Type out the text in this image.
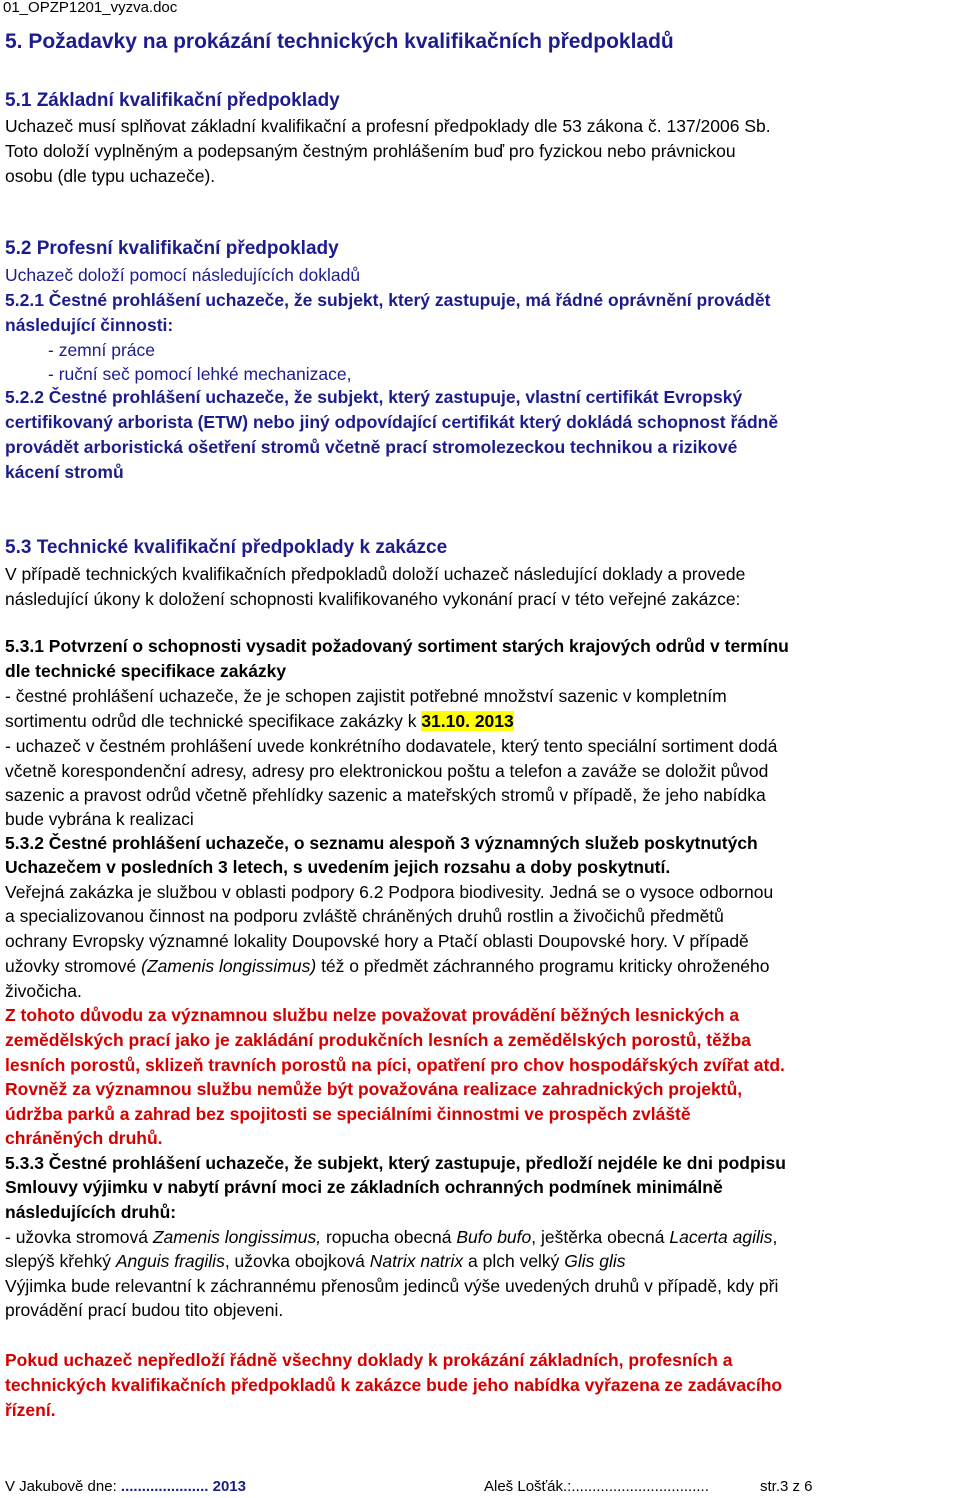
01_OPZP1201_vyzva.doc
5. Požadavky na prokázání technických kvalifikačních předpokladů
5.1 Základní kvalifikační předpoklady
Uchazeč musí splňovat základní kvalifikační a profesní předpoklady dle 53 zákona č. 137/2006 Sb.
Toto doloží vyplněným a podepsaným čestným prohlášením buď pro fyzickou nebo právnickou
osobu (dle typu uchazeče).
5.2 Profesní kvalifikační předpoklady
Uchazeč doloží pomocí následujících dokladů
5.2.1 Čestné prohlášení uchazeče, že subjekt, který zastupuje, má řádné oprávnění provádět
následující činnosti:
- zemní práce
- ruční seč pomocí lehké mechanizace,
5.2.2 Čestné prohlášení uchazeče, že subjekt, který zastupuje, vlastní certifikát Evropský
certifikovaný arborista (ETW) nebo jiný odpovídající certifikát který dokládá schopnost řádně
provádět arboristická ošetření stromů včetně prací stromolezeckou technikou a rizikové
kácení stromů
5.3 Technické kvalifikační předpoklady k zakázce
V případě technických kvalifikačních předpokladů doloží uchazeč následující doklady a provede
následující úkony k doložení schopnosti kvalifikovaného vykonání prací v této veřejné zakázce:
5.3.1 Potvrzení o schopnosti vysadit požadovaný sortiment starých krajových odrůd v termínu
dle technické specifikace zakázky
- čestné prohlášení uchazeče, že je schopen zajistit potřebné množství sazenic v kompletním
sortimentu odrůd dle technické specifikace zakázky k 31.10. 2013
- uchazeč v čestném prohlášení uvede konkrétního dodavatele, který tento speciální sortiment dodá
včetně korespondenční adresy, adresy pro elektronickou poštu a telefon a zaváže se doložit původ
sazenic a pravost odrůd včetně přehlídky sazenic a mateřských stromů v případě, že jeho nabídka
bude vybrána k realizaci
5.3.2 Čestné prohlášení uchazeče, o seznamu alespoň 3 významných služeb poskytnutých
Uchazečem v posledních 3 letech, s uvedením jejich rozsahu a doby poskytnutí.
Veřejná zakázka je službou v oblasti podpory 6.2 Podpora biodivesity. Jedná se o vysoce odbornou
a specializovanou činnost na podporu zvláště chráněných druhů rostlin a živočichů předmětů
ochrany Evropsky významné lokality Doupovské hory a Ptačí oblasti Doupovské hory. V případě
užovky stromové (Zamenis longissimus) též o předmět záchranného programu kriticky ohroženého
živočicha.
Z tohoto důvodu za významnou službu nelze považovat provádění běžných lesnických a
zemědělských prací jako je zakládání produkčních lesních a zemědělských porostů, těžba
lesních porostů, sklizeň travních porostů na píci, opatření pro chov hospodářských zvířat atd.
Rovněž za významnou službu nemůže být považována realizace zahradnických projektů,
údržba parků a zahrad bez spojitosti se speciálními činnostmi ve prospěch zvláště
chráněných druhů.
5.3.3 Čestné prohlášení uchazeče, že subjekt, který zastupuje, předloží nejdéle ke dni podpisu
Smlouvy výjimku v nabytí právní moci ze základních ochranných podmínek minimálně
následujících druhů:
- užovka stromová Zamenis longissimus, ropucha obecná Bufo bufo, ještěrka obecná Lacerta agilis,
slepýš křehký Anguis fragilis, užovka obojková Natrix natrix a plch velký Glis glis
Výjimka bude relevantní k záchrannému přenosům jedinců výše uvedených druhů v případě, kdy při
provádění prací budou tito objeveni.
Pokud uchazeč nepředloží řádně všechny doklady k prokázání základních, profesních a
technických kvalifikačních předpokladů k zakázce bude jeho nabídka vyřazena ze zadávacího
řízení.
V Jakubově dne: ..................... 2013	Aleš Lošťák.:.................................	str.3 z 6
